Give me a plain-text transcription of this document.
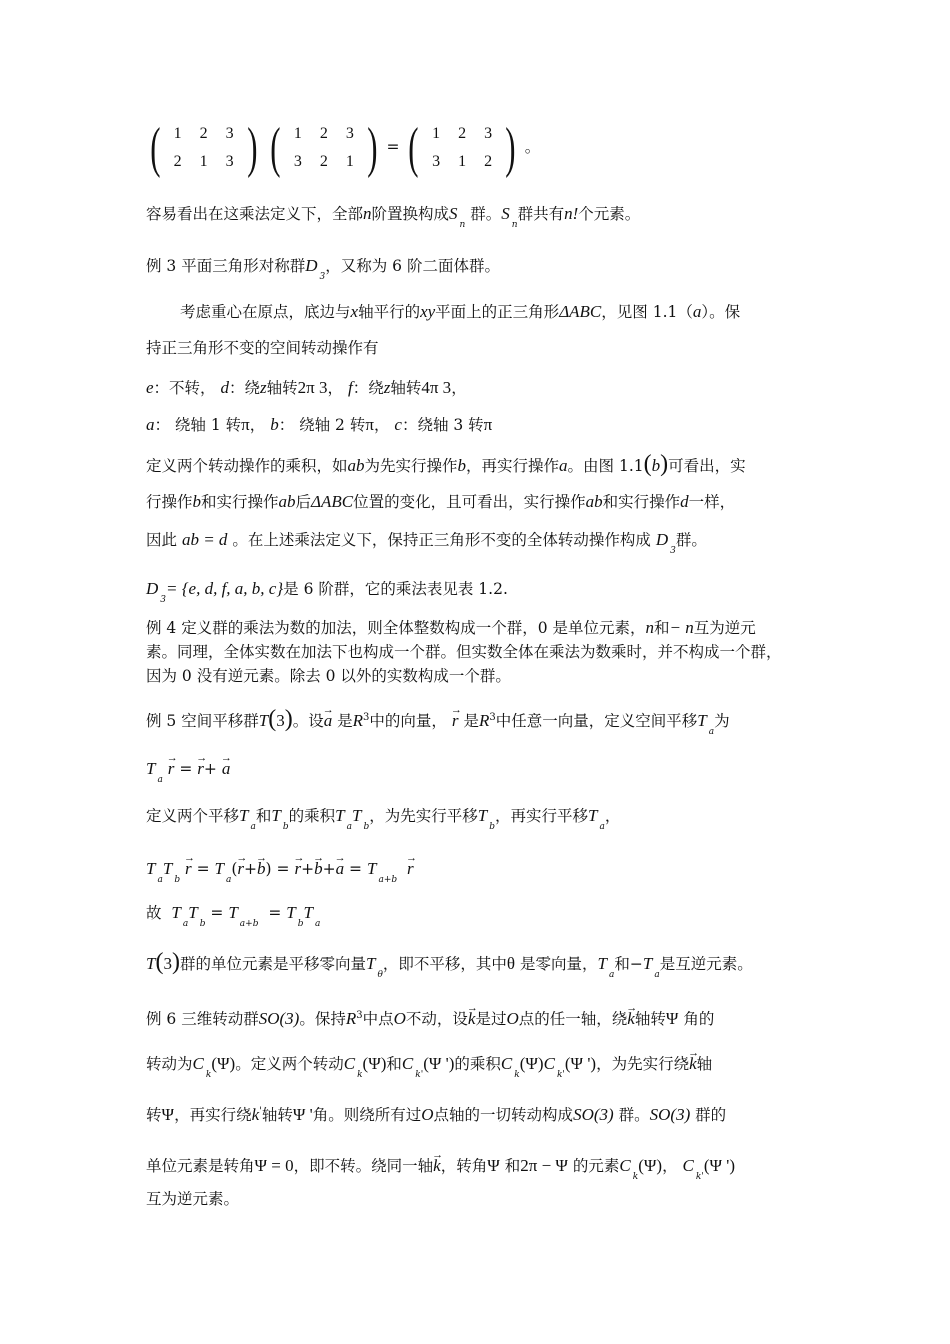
( 1	2	3
2	1	3 )
( 1	2	3
3	2	1 ) = ( 1	2	3
3	1	2 ) 。
容易看出在这乘法定义下，全部n阶置换构成$S_n$ 群。$S_n$群共有n!个元素。
例 3 平面三角形对称群$D_3$，又称为 6 阶二面体群。
考虑重心在原点，底边与x轴平行的xy平面上的正三角形ΔABC，见图 1.1（a）。保
持正三角形不变的空间转动操作有
e：不转， d：绕z轴转2π 3， f：绕z轴转4π 3，
a： 绕轴 1 转π， b： 绕轴 2 转π， c：绕轴 3 转π
定义两个转动操作的乘积，如ab为先实行操作b，再实行操作a。由图 1.1(b)可看出，实
行操作b和实行操作ab后ΔABC位置的变化，且可看出，实行操作ab和实行操作d一样，
因此 ab = d 。在上述乘法定义下，保持正三角形不变的全体转动操作构成 $D_3$群。
$D_3= \{e$, d, f, a, b, c}是 6 阶群，它的乘法表见表 1.2.
例 4 定义群的乘法为数的加法，则全体整数构成一个群，0 是单位元素，n和− n互为逆元
素。同理，全体实数在加法下也构成一个群。但实数全体在乘法为数乘时，并不构成一个群，
因为 0 没有逆元素。除去 0 以外的实数构成一个群。
例 5 空间平移群T(3)。设→ a 是$R^3$中的向量， → r 是$R^3$中任意一向量，定义空间平移$T_a$为
$T_a \to r$ = → r+ → a
定义两个平移$T_a$和$T_b$的乘积$T_aT_b$，为先实行平移$T_b$，再实行平移$T_a$，
$T_aT_b \to r = T_a(\to r+\to b)$ = → $r+\to b+\to a = T_{a+b} \to r$
故 $T_aT_b = T_{a+b} = T_bT_a$
T(3)群的单位元素是平移零向量$T_\theta$，即不平移，其中θ 是零向量，$T_a$和$-T_a$是互逆元素。
例 6 三维转动群SO(3)。保持$R^3$中点O不动，设→ k是过O点的任一轴，绕→ k轴转Ψ 角的
转动为$C_k(\Psi)$。定义两个转动$C_k(\Psi)$和$C_{k'}(\Psi$ ')的乘积$C_k(\Psi)C_{k'}(\Psi$ ')，为先实行绕→ k轴
转Ψ，再实行绕k'轴转Ψ '角。则绕所有过O点轴的一切转动构成SO(3) 群。SO(3) 群的
单位元素是转角Ψ = 0，即不转。绕同一轴→ k，转角Ψ 和2π − Ψ 的元素$C_k(\Psi)$， $C_{k'}(\Psi$ ')
互为逆元素。
